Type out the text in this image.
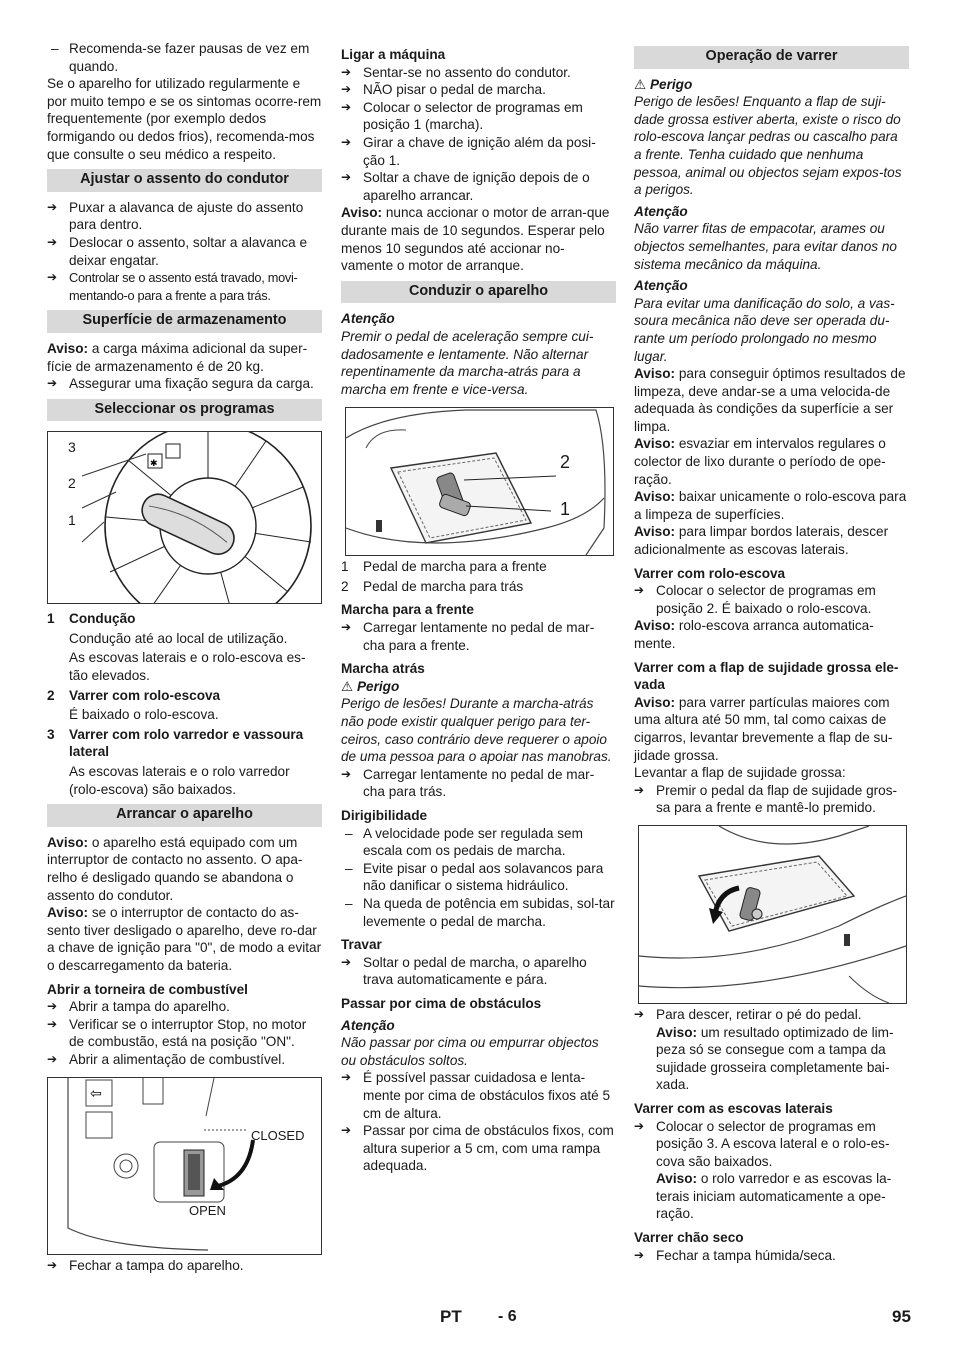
– Recomenda-se fazer pausas de vez em quando.

Se o aparelho for utilizado regularmente e por muito tempo e se os sintomas ocorre-rem frequentemente (por exemplo dedos formigando ou dedos frios), recomenda-mos que consulte o seu médico a respeito.

Ajustar o assento do condutor

➔ Puxar a alavanca de ajuste do assento para dentro.

➔ Deslocar o assento, soltar a alavanca e deixar engatar.

➔ Controlar se o assento está travado, movi-mentando-o para a frente a para trás.

Superfície de armazenamento

Aviso: a carga máxima adicional da super-fície de armazenamento é de 20 kg.

➔ Assegurar uma fixação segura da carga.

Seleccionar os programas
✱
3
2
1
1	Condução

Condução até ao local de utilização.

As escovas laterais e o rolo-escova es-tão elevados.

2	Varrer com rolo-escova

É baixado o rolo-escova.

3	Varrer com rolo varredor e vassoura lateral

As escovas laterais e o rolo varredor (rolo-escova) são baixados.

Arrancar o aparelho

Aviso: o aparelho está equipado com um interruptor de contacto no assento. O apa-relho é desligado quando se abandona o assento do condutor.

Aviso: se o interruptor de contacto do as-sento tiver desligado o aparelho, deve ro-dar a chave de ignição para "0", de modo a evitar o descarregamento da bateria.

Abrir a torneira de combustível

➔ Abrir a tampa do aparelho.

➔ Verificar se o interruptor Stop, no motor de combustão, está na posição "ON".

➔ Abrir a alimentação de combustível.

⇦
CLOSED
OPEN

➔ Fechar a tampa do aparelho.

Ligar a máquina

➔ Sentar-se no assento do condutor.

➔ NÃO pisar o pedal de marcha.

➔ Colocar o selector de programas em posição 1 (marcha).

➔ Girar a chave de ignição além da posi-ção 1.

➔ Soltar a chave de ignição depois de o aparelho arrancar.

Aviso: nunca accionar o motor de arran-que durante mais de 10 segundos. Esperar pelo menos 10 segundos até accionar no-vamente o motor de arranque.

Conduzir o aparelho

Atenção

Premir o pedal de aceleração sempre cui-dadosamente e lentamente. Não alternar repentinamente da marcha-atrás para a marcha em frente e vice-versa.

2
1
1	Pedal de marcha para a frente
2	Pedal de marcha para trás

Marcha para a frente

➔ Carregar lentamente no pedal de mar-cha para a frente.

Marcha atrás

⚠ Perigo

Perigo de lesões! Durante a marcha-atrás não pode existir qualquer perigo para ter-ceiros, caso contrário deve requerer o apoio de uma pessoa para o apoiar nas manobras.

➔ Carregar lentamente no pedal de mar-cha para trás.

Dirigibilidade

– A velocidade pode ser regulada sem escala com os pedais de marcha.

– Evite pisar o pedal aos solavancos para não danificar o sistema hidráulico.

– Na queda de potência em subidas, sol-tar levemente o pedal de marcha.

Travar

➔ Soltar o pedal de marcha, o aparelho trava automaticamente e pára.

Passar por cima de obstáculos

Atenção

Não passar por cima ou empurrar objectos ou obstáculos soltos.

➔ É possível passar cuidadosa e lenta-mente por cima de obstáculos fixos até 5 cm de altura.

➔ Passar por cima de obstáculos fixos, com altura superior a 5 cm, com uma rampa adequada.

Operação de varrer

⚠ Perigo

Perigo de lesões! Enquanto a flap de suji-dade grossa estiver aberta, existe o risco do rolo-escova lançar pedras ou cascalho para a frente. Tenha cuidado que nenhuma pessoa, animal ou objectos sejam expos-tos a perigos.

Atenção

Não varrer fitas de empacotar, arames ou objectos semelhantes, para evitar danos no sistema mecânico da máquina.

Atenção

Para evitar uma danificação do solo, a vas-soura mecânica não deve ser operada du-rante um período prolongado no mesmo lugar.

Aviso: para conseguir óptimos resultados de limpeza, deve andar-se a uma velocida-de adequada às condições da superfície a ser limpa.

Aviso: esvaziar em intervalos regulares o colector de lixo durante o período de ope-ração.

Aviso: baixar unicamente o rolo-escova para a limpeza de superfícies.

Aviso: para limpar bordos laterais, descer adicionalmente as escovas laterais.

Varrer com rolo-escova

➔ Colocar o selector de programas em posição 2. É baixado o rolo-escova.

Aviso: rolo-escova arranca automatica-mente.

Varrer com a flap de sujidade grossa ele-vada

Aviso: para varrer partículas maiores com uma altura até 50 mm, tal como caixas de cigarros, levantar brevemente a flap de su-jidade grossa.

Levantar a flap de sujidade grossa:

➔ Premir o pedal da flap de sujidade gros-sa para a frente e mantê-lo premido.

➔ Para descer, retirar o pé do pedal.

Aviso: um resultado optimizado de lim-peza só se consegue com a tampa da sujidade grosseira completamente bai-xada.

Varrer com as escovas laterais

➔ Colocar o selector de programas em posição 3. A escova lateral e o rolo-es-cova são baixados.

Aviso: o rolo varredor e as escovas la-terais iniciam automaticamente a ope-ração.

Varrer chão seco

➔ Fechar a tampa húmida/seca.

PT - 6	95
